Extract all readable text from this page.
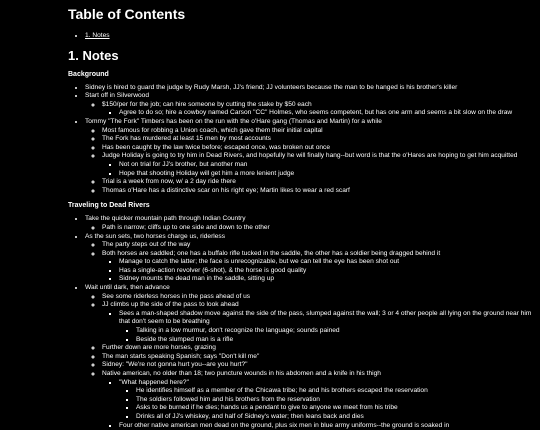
Table of Contents
• 1. Notes
1. Notes
Background
• Sidney is hired to guard the judge by Rudy Marsh, JJ's friend; JJ volunteers because the man to be hanged is his brother's killer
• Start off in Silverwood
◦ $150/per for the job; can hire someone by cutting the stake by $50 each
▪ Agree to do so; hire a cowboy named Carson "CC" Holmes, who seems competent, but has one arm and seems a bit slow on the draw
• Tommy "The Fork" Timbers has been on the run with the o'Hare gang (Thomas and Martin) for a while
◦ Most famous for robbing a Union coach, which gave them their initial capital
◦ The Fork has murdered at least 15 men by most accounts
◦ Has been caught by the law twice before; escaped once, was broken out once
◦ Judge Holiday is going to try him in Dead Rivers, and hopefully he will finally hang--but word is that the o'Hares are hoping to get him acquitted
▪ Not on trial for JJ's brother, but another man
▪ Hope that shooting Holiday will get him a more lenient judge
◦ Trial is a week from now, w/ a 2 day ride there
◦ Thomas o'Hare has a distinctive scar on his right eye; Martin likes to wear a red scarf
Traveling to Dead Rivers
• Take the quicker mountain path through Indian Country
◦ Path is narrow; cliffs up to one side and down to the other
• As the sun sets, two horses charge us, riderless
◦ The party steps out of the way
◦ Both horses are saddled; one has a buffalo rifle tucked in the saddle, the other has a soldier being dragged behind it
▪ Manage to catch the latter; the face is unrecognizable, but we can tell the eye has been shot out
▪ Has a single-action revolver (6-shot), & the horse is good quality
▪ Sidney mounts the dead man in the saddle, sitting up
• Wait until dark, then advance
◦ See some riderless horses in the pass ahead of us
◦ JJ climbs up the side of the pass to look ahead
▪ Sees a man-shaped shadow move against the side of the pass, slumped against the wall; 3 or 4 other people all lying on the ground near him that don't seem to be breathing
▪ Talking in a low murmur, don't recognize the language; sounds pained
▪ Beside the slumped man is a rifle
◦ Further down are more horses, grazing
◦ The man starts speaking Spanish; says "Don't kill me"
◦ Sidney: "We're not gonna hurt you--are you hurt?"
◦ Native american, no older than 18; two puncture wounds in his abdomen and a knife in his thigh
▪ "What happened here?"
▪ He identifies himself as a member of the Chicawa tribe; he and his brothers escaped the reservation
▪ The soldiers followed him and his brothers from the reservation
▪ Asks to be burned if he dies; hands us a pendant to give to anyone we meet from his tribe
▪ Drinks all of JJ's whiskey, and half of Sidney's water; then leans back and dies
▪ Four other native american men dead on the ground, plus six men in blue army uniforms--the ground is soaked in
